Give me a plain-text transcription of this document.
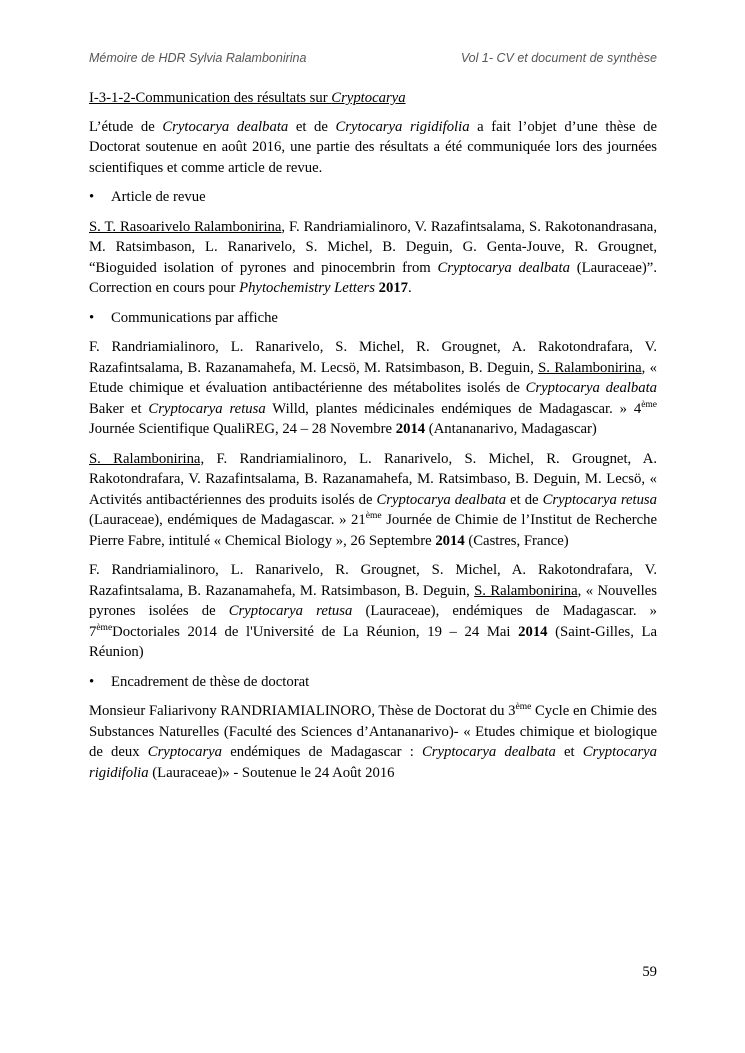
Mémoire de HDR Sylvia Ralambonirina	Vol 1- CV et document de synthèse

I-3-1-2-Communication des résultats sur Cryptocarya

L’étude de Crytocarya dealbata et de Crytocarya rigidifolia a fait l’objet d’une thèse de Doctorat soutenue en août 2016, une partie des résultats a été communiquée lors des journées scientifiques et comme article de revue.

• Article de revue

S. T. Rasoarivelo Ralambonirina, F. Randriamialinoro, V. Razafintsalama, S. Rakotonandrasana, M. Ratsimbason, L. Ranarivelo, S. Michel, B. Deguin, G. Genta-Jouve, R. Grougnet, “Bioguided isolation of pyrones and pinocembrin from Cryptocarya dealbata (Lauraceae)”. Correction en cours pour Phytochemistry Letters 2017.

• Communications par affiche

F. Randriamialinoro, L. Ranarivelo, S. Michel, R. Grougnet, A. Rakotondrafara, V. Razafintsalama, B. Razanamahefa, M. Lecsö, M. Ratsimbason, B. Deguin, S. Ralambonirina, « Etude chimique et évaluation antibactérienne des métabolites isolés de Cryptocarya dealbata Baker et Cryptocarya retusa Willd, plantes médicinales endémiques de Madagascar. » 4ème Journée Scientifique QualiREG, 24 – 28 Novembre 2014 (Antananarivo, Madagascar)

S. Ralambonirina, F. Randriamialinoro, L. Ranarivelo, S. Michel, R. Grougnet, A. Rakotondrafara, V. Razafintsalama, B. Razanamahefa, M. Ratsimbaso, B. Deguin, M. Lecsö, « Activités antibactériennes des produits isolés de Cryptocarya dealbata et de Cryptocarya retusa (Lauraceae), endémiques de Madagascar. » 21ème Journée de Chimie de l’Institut de Recherche Pierre Fabre, intitulé « Chemical Biology », 26 Septembre 2014 (Castres, France)

F. Randriamialinoro, L. Ranarivelo, R. Grougnet, S. Michel, A. Rakotondrafara, V. Razafintsalama, B. Razanamahefa, M. Ratsimbason, B. Deguin, S. Ralambonirina, « Nouvelles pyrones isolées de Cryptocarya retusa (Lauraceae), endémiques de Madagascar. » 7èmeDoctoriales 2014 de l'Université de La Réunion, 19 – 24 Mai 2014 (Saint-Gilles, La Réunion)

• Encadrement de thèse de doctorat

Monsieur Faliarivony RANDRIAMIALINORO, Thèse de Doctorat du 3ème Cycle en Chimie des Substances Naturelles (Faculté des Sciences d’Antananarivo)- « Etudes chimique et biologique de deux Cryptocarya endémiques de Madagascar : Cryptocarya dealbata et Cryptocarya rigidifolia (Lauraceae)» - Soutenue le 24 Août 2016

59
